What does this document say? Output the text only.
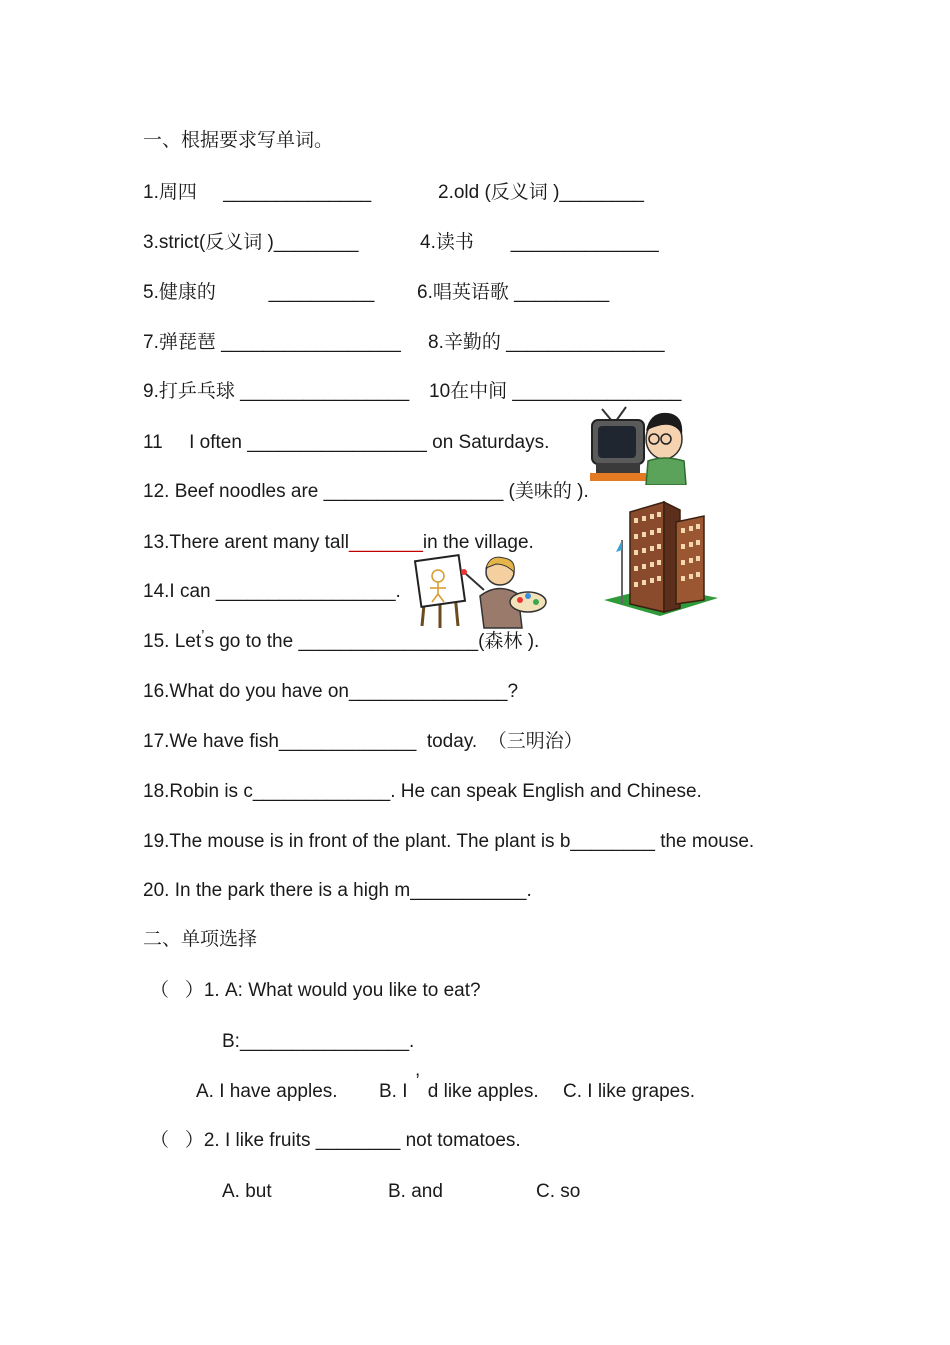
一、根据要求写单词。
1.周四     ______________	2.old (反义词 )________
3.strict(反义词 )________	4.读书       ______________
5.健康的          __________ 6.唱英语歌 _________
7.弹琵琶 _________________ 8.辛勤的 _______________
9.打乒乓球 ________________ 10在中间 ________________
11     I often _________________ on Saturdays.
12. Beef noodles are _________________ (美味的 ).
13.There arent many tall_______in the village.
14.I can _________________.
15. Let’s go to the _________________(森林 ).
16.What do you have on_______________?
17.We have fish_____________  today.  （三明治）
18.Robin is c_____________. He can speak English and Chinese.
19.The mouse is in front of the plant. The plant is b________ the mouse.
20. In the park there is a high m___________.
二、单项选择
（   ）1. A: What would you like to eat?
B:________________.
A. I have apples. B. I ’ d like apples. C. I like grapes.
（   ）2. I like fruits ________ not tomatoes.
A. but	B. and	C. so
